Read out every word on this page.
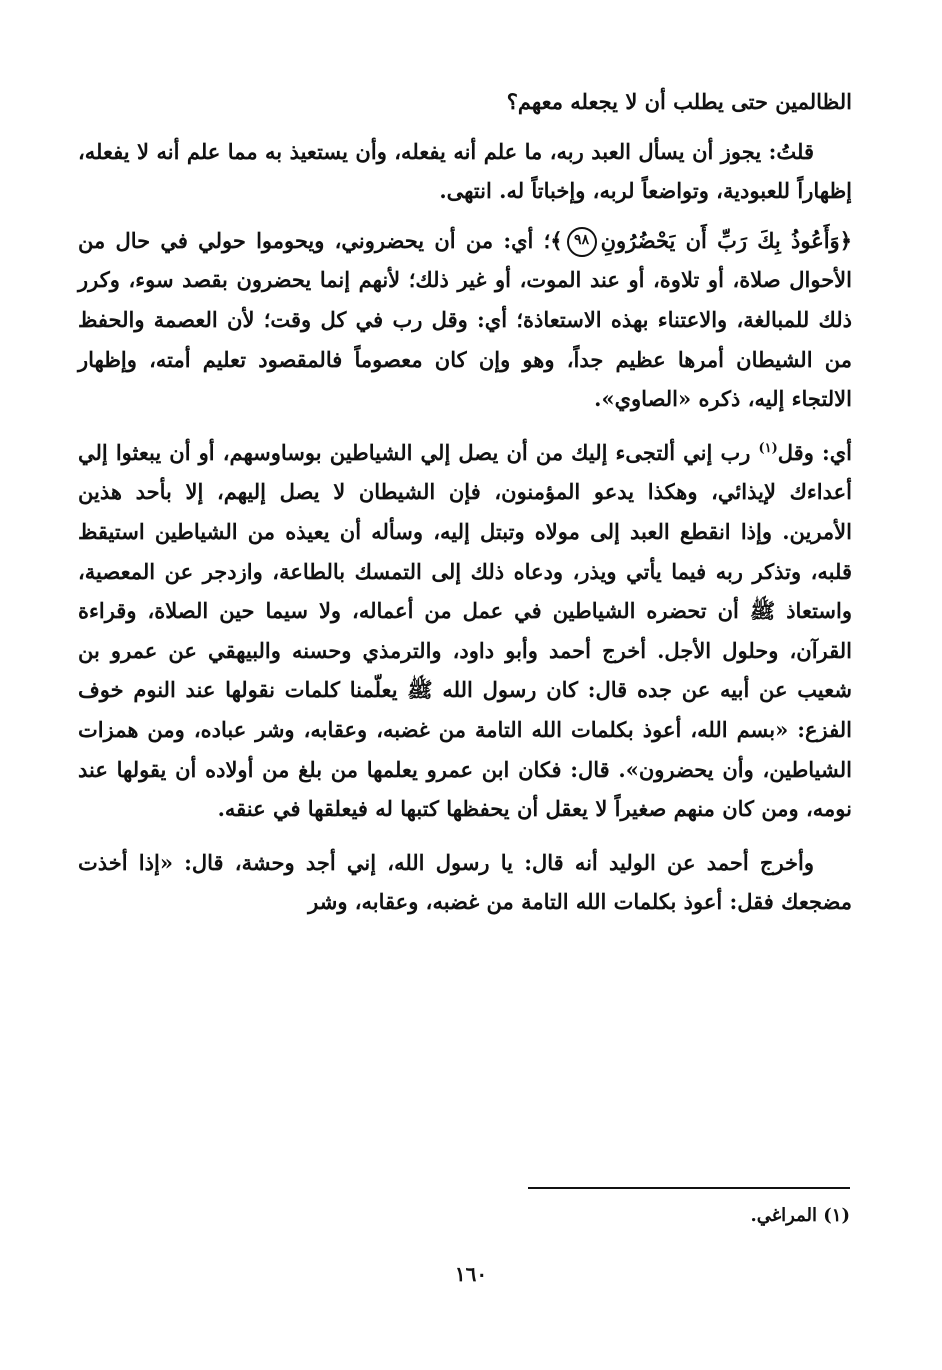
الظالمين حتى يطلب أن لا يجعله معهم؟

قلتُ: يجوز أن يسأل العبد ربه، ما علم أنه يفعله، وأن يستعيذ به مما علم أنه لا يفعله، إظهاراً للعبودية، وتواضعاً لربه، وإخباتاً له. انتهى.

﴿وَأَعُوذُ بِكَ رَبِّ أَن يَحْضُرُونِ٩٨﴾؛ أي: من أن يحضروني، ويحوموا حولي في حال من الأحوال صلاة، أو تلاوة، أو عند الموت، أو غير ذلك؛ لأنهم إنما يحضرون بقصد سوء، وكرر ذلك للمبالغة، والاعتناء بهذه الاستعاذة؛ أي: وقل رب في كل وقت؛ لأن العصمة والحفظ من الشيطان أمرها عظيم جداً، وهو وإن كان معصوماً فالمقصود تعليم أمته، وإظهار الالتجاء إليه، ذكره «الصاوي».

أي: وقل$^{(١)}$ رب إني ألتجىء إليك من أن يصل إلي الشياطين بوساوسهم، أو أن يبعثوا إلي أعداءك لإيذائي، وهكذا يدعو المؤمنون، فإن الشيطان لا يصل إليهم، إلا بأحد هذين الأمرين. وإذا انقطع العبد إلى مولاه وتبتل إليه، وسأله أن يعيذه من الشياطين استيقظ قلبه، وتذكر ربه فيما يأتي ويذر، ودعاه ذلك إلى التمسك بالطاعة، وازدجر عن المعصية، واستعاذ ﷺ أن تحضره الشياطين في عمل من أعماله، ولا سيما حين الصلاة، وقراءة القرآن، وحلول الأجل. أخرج أحمد وأبو داود، والترمذي وحسنه والبيهقي عن عمرو بن شعيب عن أبيه عن جده قال: كان رسول الله ﷺ يعلّمنا كلمات نقولها عند النوم خوف الفزع: «بسم الله، أعوذ بكلمات الله التامة من غضبه، وعقابه، وشر عباده، ومن همزات الشياطين، وأن يحضرون». قال: فكان ابن عمرو يعلمها من بلغ من أولاده أن يقولها عند نومه، ومن كان منهم صغيراً لا يعقل أن يحفظها كتبها له فيعلقها في عنقه.

وأخرج أحمد عن الوليد أنه قال: يا رسول الله، إني أجد وحشة، قال: «إذا أخذت مضجعك فقل: أعوذ بكلمات الله التامة من غضبه، وعقابه، وشر

(١) المراغي.
١٦٠
